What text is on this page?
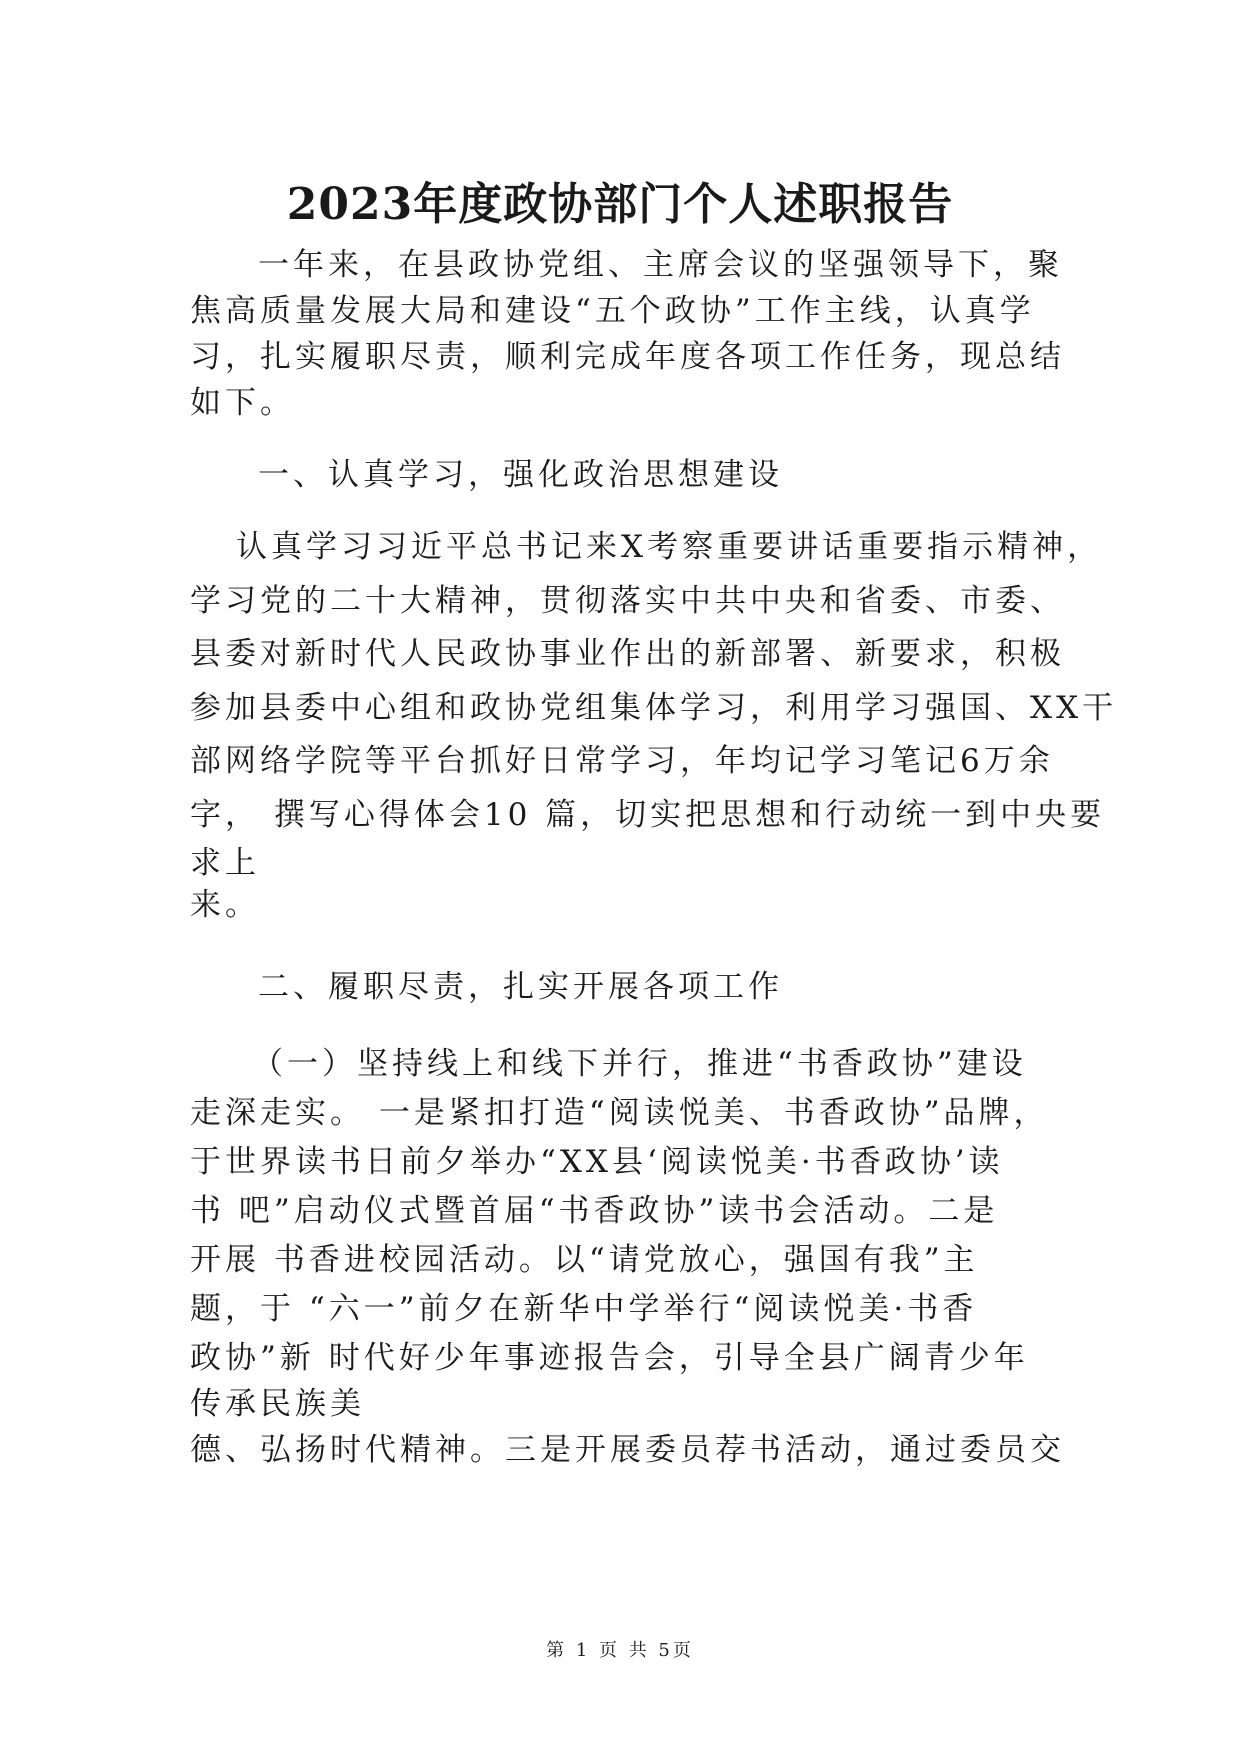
2023年度政协部门个人述职报告

一年来，在县政协党组、主席会议的坚强领导下，聚

焦高质量发展大局和建设“五个政协”工作主线，认真学

习，扎实履职尽责，顺利完成年度各项工作任务，现总结

如下。

一、认真学习，强化政治思想建设

认真学习习近平总书记来X考察重要讲话重要指示精神，

学习党的二十大精神，贯彻落实中共中央和省委、市委、

县委对新时代人民政协事业作出的新部署、新要求，积极

参加县委中心组和政协党组集体学习，利用学习强国、XX干

部网络学院等平台抓好日常学习，年均记学习笔记6万余

字， 撰写心得体会10 篇，切实把思想和行动统一到中央要

求上

来。

二、履职尽责，扎实开展各项工作

（一）坚持线上和线下并行，推进“书香政协”建设

走深走实。 一是紧扣打造“阅读悦美、书香政协”品牌，

于世界读书日前夕举办“XX县‘阅读悦美·书香政协’读

书 吧”启动仪式暨首届“书香政协”读书会活动。二是

开展 书香进校园活动。以“请党放心，强国有我”主

题，于 “六一”前夕在新华中学举行“阅读悦美·书香

政协”新 时代好少年事迹报告会，引导全县广阔青少年

传承民族美

德、弘扬时代精神。三是开展委员荐书活动，通过委员交

第 1 页 共 5页
